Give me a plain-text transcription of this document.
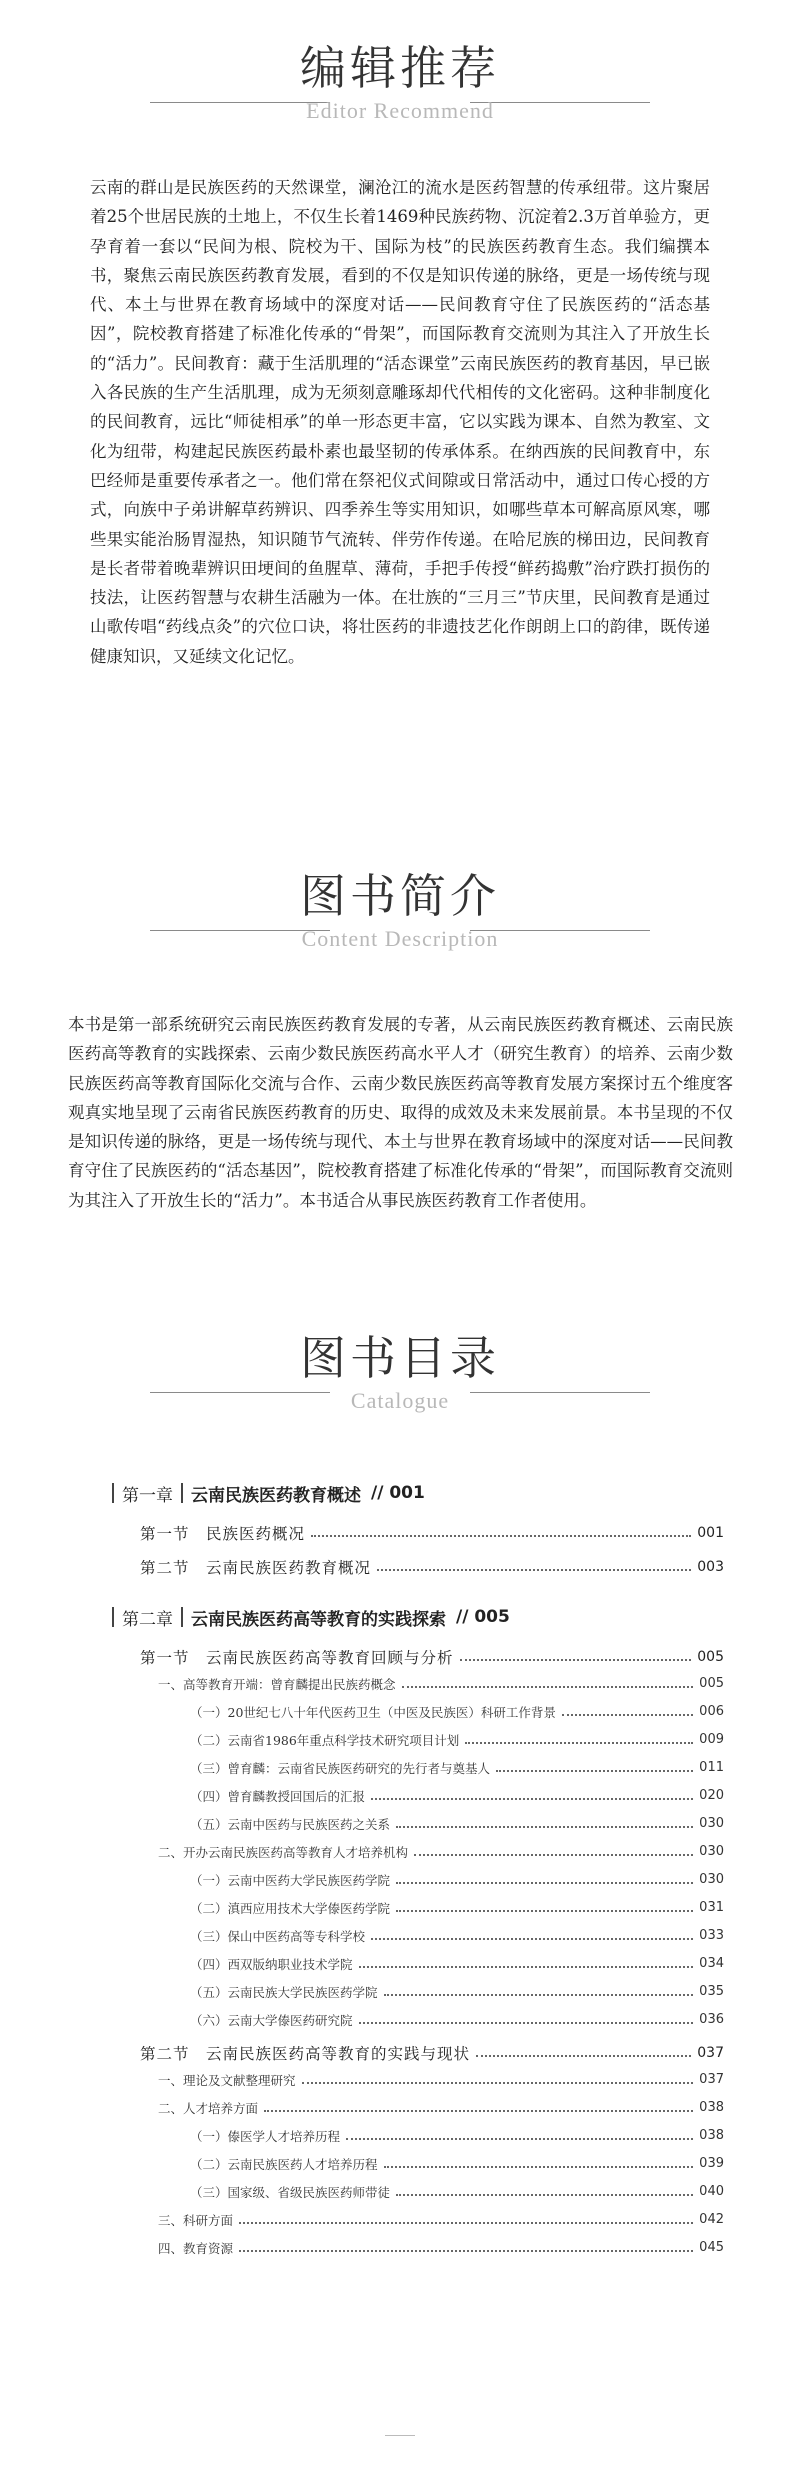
编辑推荐
Editor Recommend
云南的群山是民族医药的天然课堂，澜沧江的流水是医药智慧的传承纽带。这片聚居着25个世居民族的土地上，不仅生长着1469种民族药物、沉淀着2.3万首单验方，更孕育着一套以“民间为根、院校为干、国际为枝”的民族医药教育生态。我们编撰本书，聚焦云南民族医药教育发展，看到的不仅是知识传递的脉络，更是一场传统与现代、本土与世界在教育场域中的深度对话——民间教育守住了民族医药的“活态基因”，院校教育搭建了标准化传承的“骨架”，而国际教育交流则为其注入了开放生长的“活力”。民间教育：藏于生活肌理的“活态课堂”云南民族医药的教育基因，早已嵌入各民族的生产生活肌理，成为无须刻意雕琢却代代相传的文化密码。这种非制度化的民间教育，远比“师徒相承”的单一形态更丰富，它以实践为课本、自然为教室、文化为纽带，构建起民族医药最朴素也最坚韧的传承体系。在纳西族的民间教育中，东巴经师是重要传承者之一。他们常在祭祀仪式间隙或日常活动中，通过口传心授的方式，向族中子弟讲解草药辨识、四季养生等实用知识，如哪些草本可解高原风寒，哪些果实能治肠胃湿热，知识随节气流转、伴劳作传递。在哈尼族的梯田边，民间教育是长者带着晚辈辨识田埂间的鱼腥草、薄荷，手把手传授“鲜药捣敷”治疗跌打损伤的技法，让医药智慧与农耕生活融为一体。在壮族的“三月三”节庆里，民间教育是通过山歌传唱“药线点灸”的穴位口诀，将壮医药的非遗技艺化作朗朗上口的韵律，既传递健康知识，又延续文化记忆。
图书简介
Content Description
本书是第一部系统研究云南民族医药教育发展的专著，从云南民族医药教育概述、云南民族医药高等教育的实践探索、云南少数民族医药高水平人才（研究生教育）的培养、云南少数民族医药高等教育国际化交流与合作、云南少数民族医药高等教育发展方案探讨五个维度客观真实地呈现了云南省民族医药教育的历史、取得的成效及未来发展前景。本书呈现的不仅是知识传递的脉络，更是一场传统与现代、本土与世界在教育场域中的深度对话——民间教育守住了民族医药的“活态基因”，院校教育搭建了标准化传承的“骨架”，而国际教育交流则为其注入了开放生长的“活力”。本书适合从事民族医药教育工作者使用。
图书目录
Catalogue
第一章 云南民族医药教育概述 // 001
第一节　民族医药概况	001
第二节　云南民族医药教育概况	003
第二章 云南民族医药高等教育的实践探索 // 005
第一节　云南民族医药高等教育回顾与分析	005
一、高等教育开端：曾育麟提出民族药概念	005
（一）20世纪七八十年代医药卫生（中医及民族医）科研工作背景	006
（二）云南省1986年重点科学技术研究项目计划	009
（三）曾育麟：云南省民族医药研究的先行者与奠基人	011
（四）曾育麟教授回国后的汇报	020
（五）云南中医药与民族医药之关系	030
二、开办云南民族医药高等教育人才培养机构	030
（一）云南中医药大学民族医药学院	030
（二）滇西应用技术大学傣医药学院	031
（三）保山中医药高等专科学校	033
（四）西双版纳职业技术学院	034
（五）云南民族大学民族医药学院	035
（六）云南大学傣医药研究院	036
第二节　云南民族医药高等教育的实践与现状	037
一、理论及文献整理研究	037
二、人才培养方面	038
（一）傣医学人才培养历程	038
（二）云南民族医药人才培养历程	039
（三）国家级、省级民族医药师带徒	040
三、科研方面	042
四、教育资源	045
